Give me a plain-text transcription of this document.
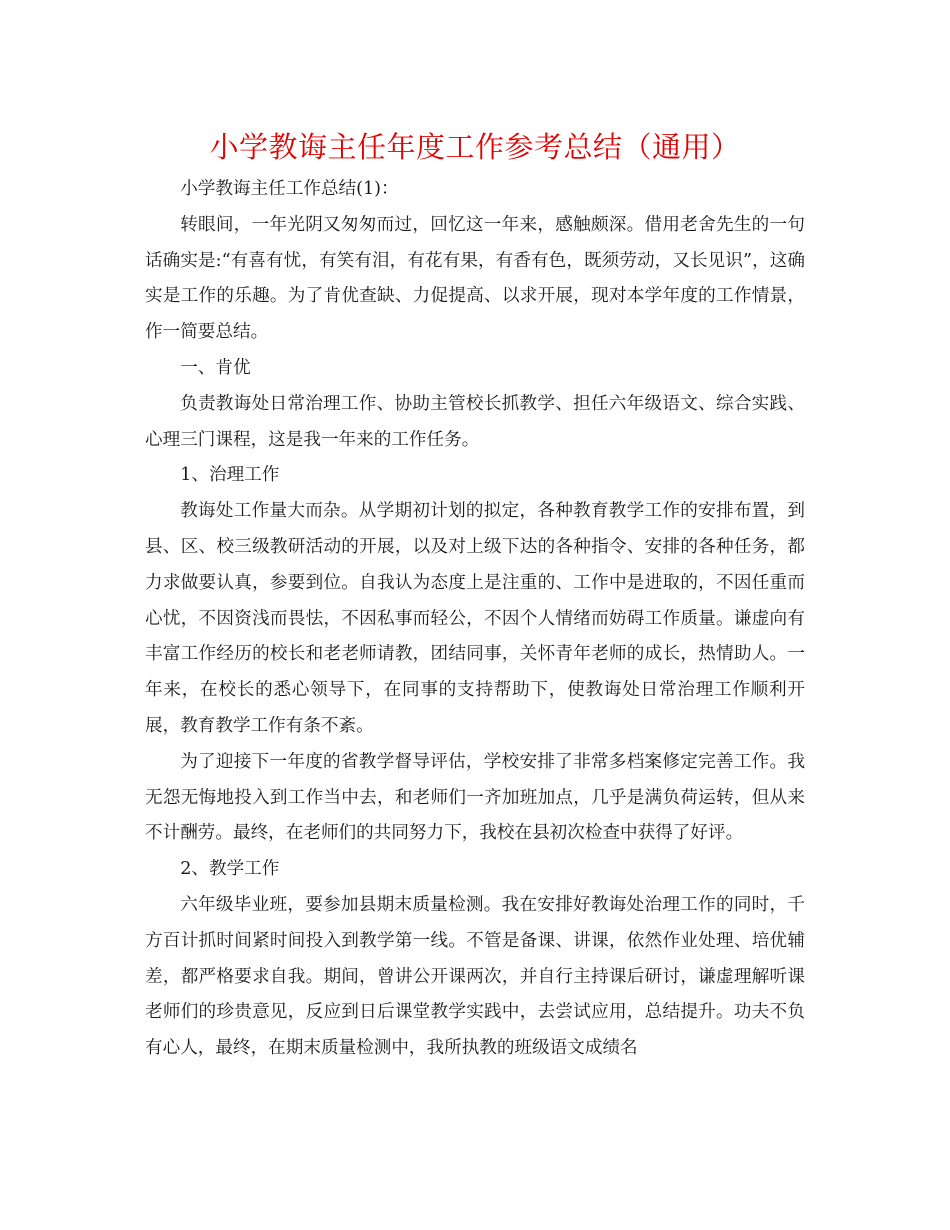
小学教诲主任年度工作参考总结（通用）

小学教诲主任工作总结(1)：

转眼间，一年光阴又匆匆而过，回忆这一年来，感触颇深。借用老舍先生的一句话确实是:“有喜有忧，有笑有泪，有花有果，有香有色，既须劳动，又长见识”，这确实是工作的乐趣。为了肯优查缺、力促提高、以求开展，现对本学年度的工作情景，作一简要总结。

一、肯优

负责教诲处日常治理工作、协助主管校长抓教学、担任六年级语文、综合实践、心理三门课程，这是我一年来的工作任务。

1、治理工作

教诲处工作量大而杂。从学期初计划的拟定，各种教育教学工作的安排布置，到县、区、校三级教研活动的开展，以及对上级下达的各种指令、安排的各种任务，都力求做要认真，参要到位。自我认为态度上是注重的、工作中是进取的，不因任重而心忧，不因资浅而畏怯，不因私事而轻公，不因个人情绪而妨碍工作质量。谦虚向有丰富工作经历的校长和老老师请教，团结同事，关怀青年老师的成长，热情助人。一年来，在校长的悉心领导下，在同事的支持帮助下，使教诲处日常治理工作顺利开展，教育教学工作有条不紊。

为了迎接下一年度的省教学督导评估，学校安排了非常多档案修定完善工作。我无怨无悔地投入到工作当中去，和老师们一齐加班加点，几乎是满负荷运转，但从来不计酬劳。最终，在老师们的共同努力下，我校在县初次检查中获得了好评。

2、教学工作

六年级毕业班，要参加县期末质量检测。我在安排好教诲处治理工作的同时，千方百计抓时间紧时间投入到教学第一线。不管是备课、讲课，依然作业处理、培优辅差，都严格要求自我。期间，曾讲公开课两次，并自行主持课后研讨，谦虚理解听课老师们的珍贵意见，反应到日后课堂教学实践中，去尝试应用，总结提升。功夫不负有心人，最终，在期末质量检测中，我所执教的班级语文成绩名
